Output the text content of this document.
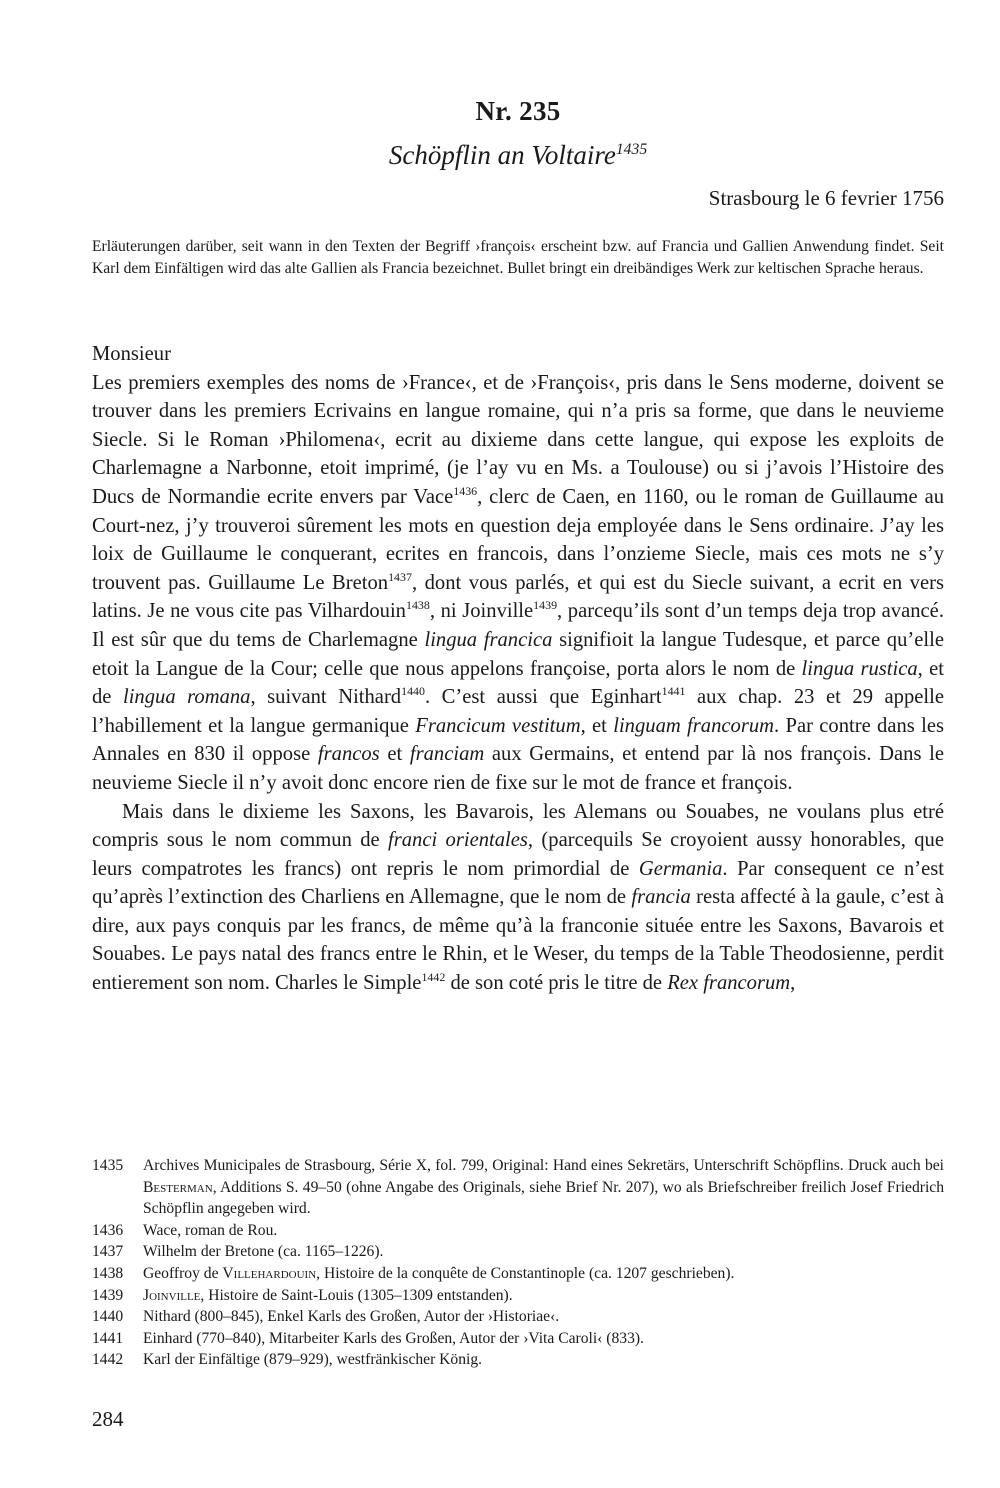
Nr. 235
Schöpflin an Voltaire$^{1435}$
Strasbourg le 6 fevrier 1756
Erläuterungen darüber, seit wann in den Texten der Begriff ›françois‹ erscheint bzw. auf Francia und Gallien Anwendung findet. Seit Karl dem Einfältigen wird das alte Gallien als Francia bezeichnet. Bullet bringt ein dreibändiges Werk zur keltischen Sprache heraus.

Monsieur

Les premiers exemples des noms de ›France‹, et de ›François‹, pris dans le Sens moderne, doivent se trouver dans les premiers Ecrivains en langue romaine, qui n’a pris sa forme, que dans le neuvieme Siecle. Si le Roman ›Philomena‹, ecrit au dixieme dans cette langue, qui expose les exploits de Charlemagne a Narbonne, etoit imprimé, (je l’ay vu en Ms. a Toulouse) ou si j’avois l’Histoire des Ducs de Normandie ecrite envers par Vace$^{1436}$, clerc de Caen, en 1160, ou le roman de Guillaume au Court-nez, j’y trouveroi sûrement les mots en question deja employée dans le Sens ordinaire. J’ay les loix de Guillaume le conquerant, ecrites en francois, dans l’onzieme Siecle, mais ces mots ne s’y trouvent pas. Guillaume Le Breton$^{1437}$, dont vous parlés, et qui est du Siecle suivant, a ecrit en vers latins. Je ne vous cite pas Vilhardouin$^{1438}$, ni Joinville$^{1439}$, parcequ’ils sont d’un temps deja trop avancé. Il est sûr que du tems de Charlemagne lingua francica signifioit la langue Tudesque, et parce qu’elle etoit la Langue de la Cour; celle que nous appelons françoise, porta alors le nom de lingua rustica, et de lingua romana, suivant Nithard$^{1440}$. C’est aussi que Eginhart$^{1441}$ aux chap. 23 et 29 appelle l’habillement et la langue germanique Francicum vestitum, et linguam francorum. Par contre dans les Annales en 830 il oppose francos et franciam aux Germains, et entend par là nos françois. Dans le neuvieme Siecle il n’y avoit donc encore rien de fixe sur le mot de france et françois.

Mais dans le dixieme les Saxons, les Bavarois, les Alemans ou Souabes, ne voulans plus etré compris sous le nom commun de franci orientales, (parcequils Se croyoient aussy honorables, que leurs compatrotes les francs) ont repris le nom primordial de Germania. Par consequent ce n’est qu’après l’extinction des Charliens en Allemagne, que le nom de francia resta affecté à la gaule, c’est à dire, aux pays conquis par les francs, de même qu’à la franconie située entre les Saxons, Bavarois et Souabes. Le pays natal des francs entre le Rhin, et le Weser, du temps de la Table Theodosienne, perdit entierement son nom. Charles le Simple$^{1442}$ de son coté pris le titre de Rex francorum,

1435 Archives Municipales de Strasbourg, Série X, fol. 799, Original: Hand eines Sekretärs, Unterschrift Schöpflins. Druck auch bei Besterman, Additions S. 49–50 (ohne Angabe des Originals, siehe Brief Nr. 207), wo als Briefschreiber freilich Josef Friedrich Schöpflin angegeben wird.

1436 Wace, roman de Rou.

1437 Wilhelm der Bretone (ca. 1165–1226).

1438 Geoffroy de Villehardouin, Histoire de la conquête de Constantinople (ca. 1207 geschrieben).

1439 Joinville, Histoire de Saint-Louis (1305–1309 entstanden).

1440 Nithard (800–845), Enkel Karls des Großen, Autor der ›Historiae‹.

1441 Einhard (770–840), Mitarbeiter Karls des Großen, Autor der ›Vita Caroli‹ (833).

1442 Karl der Einfältige (879–929), westfränkischer König.

284
